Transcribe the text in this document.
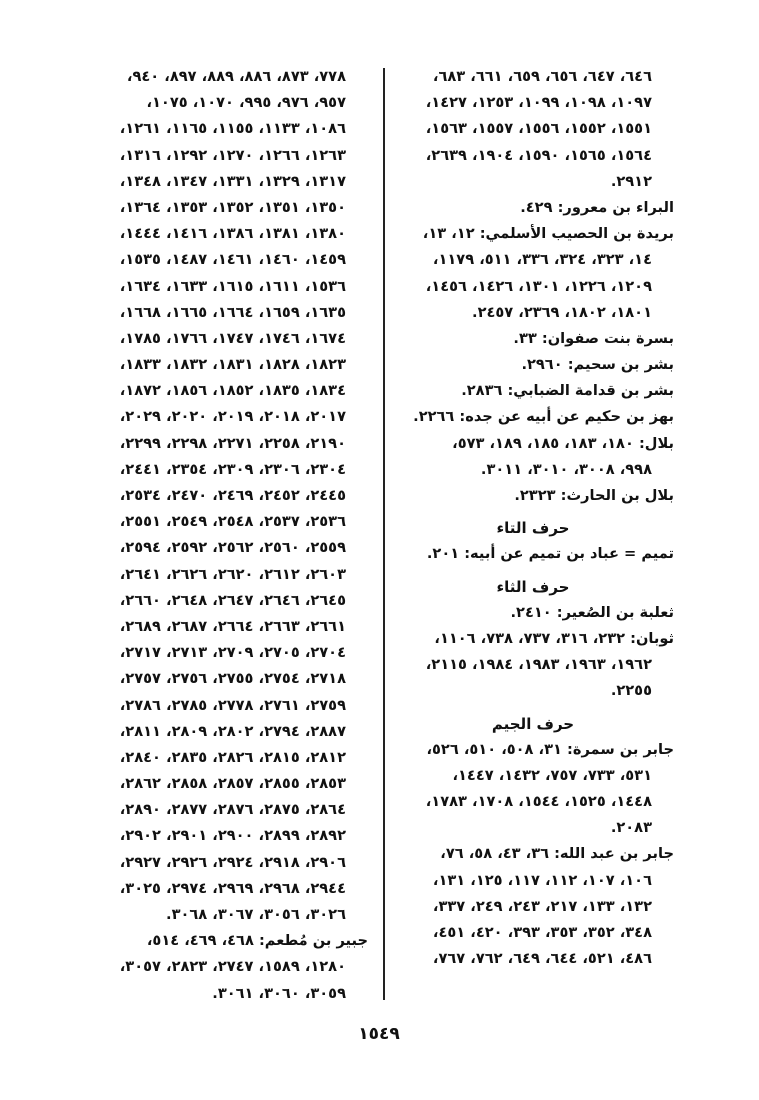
٦٤٦، ٦٤٧، ٦٥٦، ٦٥٩، ٦٦١، ٦٨٣،
١٠٩٧، ١٠٩٨، ١٠٩٩، ١٢٥٣، ١٤٢٧،
١٥٥١، ١٥٥٢، ١٥٥٦، ١٥٥٧، ١٥٦٣،
١٥٦٤، ١٥٦٥، ١٥٩٠، ١٩٠٤، ٢٦٣٩،
٢٩١٢.
البراء بن معرور: ٤٢٩.
بريدة بن الحصيب الأسلمي: ١٢، ١٣،
١٤، ٣٢٣، ٣٢٤، ٣٣٦، ٥١١، ١١٧٩،
١٢٠٩، ١٢٢٦، ١٣٠١، ١٤٢٦، ١٤٥٦،
١٨٠١، ١٨٠٢، ٢٣٦٩، ٢٤٥٧.
بسرة بنت صفوان: ٣٣.
بشر بن سحيم: ٢٩٦٠.
بشر بن قدامة الضبابي: ٢٨٣٦.
بهز بن حكيم عن أبيه عن جده: ٢٢٦٦.
بلال: ١٨٠، ١٨٣، ١٨٥، ١٨٩، ٥٧٣،
٩٩٨، ٣٠٠٨، ٣٠١٠، ٣٠١١.
بلال بن الحارث: ٢٣٢٣.
حرف التاء
تميم = عباد بن تميم عن أبيه: ٢٠١.
حرف الثاء
ثعلبة بن الصُعير: ٢٤١٠.
ثوبان: ٢٣٢، ٣١٦، ٧٣٧، ٧٣٨، ١١٠٦،
١٩٦٢، ١٩٦٣، ١٩٨٣، ١٩٨٤، ٢١١٥،
٢٢٥٥.
حرف الجيم
جابر بن سمرة: ٣١، ٥٠٨، ٥١٠، ٥٢٦،
٥٣١، ٧٣٣، ٧٥٧، ١٤٣٢، ١٤٤٧،
١٤٤٨، ١٥٢٥، ١٥٤٤، ١٧٠٨، ١٧٨٣،
٢٠٨٣.
جابر بن عبد الله: ٣٦، ٤٣، ٥٨، ٧٦،
١٠٦، ١٠٧، ١١٢، ١١٧، ١٢٥، ١٣١،
١٣٢، ١٣٣، ٢١٧، ٢٤٣، ٢٤٩، ٣٣٧،
٣٤٨، ٣٥٢، ٣٥٣، ٣٩٣، ٤٢٠، ٤٥١،
٤٨٦، ٥٢١، ٦٤٤، ٦٤٩، ٧٦٢، ٧٦٧،
٧٧٨، ٨٧٣، ٨٨٦، ٨٨٩، ٨٩٧، ٩٤٠،
٩٥٧، ٩٧٦، ٩٩٥، ١٠٧٠، ١٠٧٥،
١٠٨٦، ١١٣٣، ١١٥٥، ١١٦٥، ١٢٦١،
١٢٦٣، ١٢٦٦، ١٢٧٠، ١٢٩٢، ١٣١٦،
١٣١٧، ١٣٢٩، ١٣٣١، ١٣٤٧، ١٣٤٨،
١٣٥٠، ١٣٥١، ١٣٥٢، ١٣٥٣، ١٣٦٤،
١٣٨٠، ١٣٨١، ١٣٨٦، ١٤١٦، ١٤٤٤،
١٤٥٩، ١٤٦٠، ١٤٦١، ١٤٨٧، ١٥٣٥،
١٥٣٦، ١٦١١، ١٦١٥، ١٦٣٣، ١٦٣٤،
١٦٣٥، ١٦٥٩، ١٦٦٤، ١٦٦٥، ١٦٦٨،
١٦٧٤، ١٧٤٦، ١٧٤٧، ١٧٦٦، ١٧٨٥،
١٨٢٣، ١٨٢٨، ١٨٣١، ١٨٣٢، ١٨٣٣،
١٨٣٤، ١٨٣٥، ١٨٥٢، ١٨٥٦، ١٨٧٢،
٢٠١٧، ٢٠١٨، ٢٠١٩، ٢٠٢٠، ٢٠٢٩،
٢١٩٠، ٢٢٥٨، ٢٢٧١، ٢٢٩٨، ٢٢٩٩،
٢٣٠٤، ٢٣٠٦، ٢٣٠٩، ٢٣٥٤، ٢٤٤١،
٢٤٤٥، ٢٤٥٢، ٢٤٦٩، ٢٤٧٠، ٢٥٣٤،
٢٥٣٦، ٢٥٣٧، ٢٥٤٨، ٢٥٤٩، ٢٥٥١،
٢٥٥٩، ٢٥٦٠، ٢٥٦٢، ٢٥٩٢، ٢٥٩٤،
٢٦٠٣، ٢٦١٢، ٢٦٢٠، ٢٦٢٦، ٢٦٤١،
٢٦٤٥، ٢٦٤٦، ٢٦٤٧، ٢٦٤٨، ٢٦٦٠،
٢٦٦١، ٢٦٦٣، ٢٦٦٤، ٢٦٨٧، ٢٦٨٩،
٢٧٠٤، ٢٧٠٥، ٢٧٠٩، ٢٧١٣، ٢٧١٧،
٢٧١٨، ٢٧٥٤، ٢٧٥٥، ٢٧٥٦، ٢٧٥٧،
٢٧٥٩، ٢٧٦١، ٢٧٧٨، ٢٧٨٥، ٢٧٨٦،
٢٨٨٧، ٢٧٩٤، ٢٨٠٢، ٢٨٠٩، ٢٨١١،
٢٨١٢، ٢٨١٥، ٢٨٢٦، ٢٨٣٥، ٢٨٤٠،
٢٨٥٣، ٢٨٥٥، ٢٨٥٧، ٢٨٥٨، ٢٨٦٢،
٢٨٦٤، ٢٨٧٥، ٢٨٧٦، ٢٨٧٧، ٢٨٩٠،
٢٨٩٢، ٢٨٩٩، ٢٩٠٠، ٢٩٠١، ٢٩٠٢،
٢٩٠٦، ٢٩١٨، ٢٩٢٤، ٢٩٢٦، ٢٩٢٧،
٢٩٤٤، ٢٩٦٨، ٢٩٦٩، ٢٩٧٤، ٣٠٢٥،
٣٠٢٦، ٣٠٥٦، ٣٠٦٧، ٣٠٦٨.
جبير بن مُطعم: ٤٦٨، ٤٦٩، ٥١٤،
١٢٨٠، ١٥٨٩، ٢٧٤٧، ٢٨٢٣، ٣٠٥٧،
٣٠٥٩، ٣٠٦٠، ٣٠٦١.
١٥٤٩
